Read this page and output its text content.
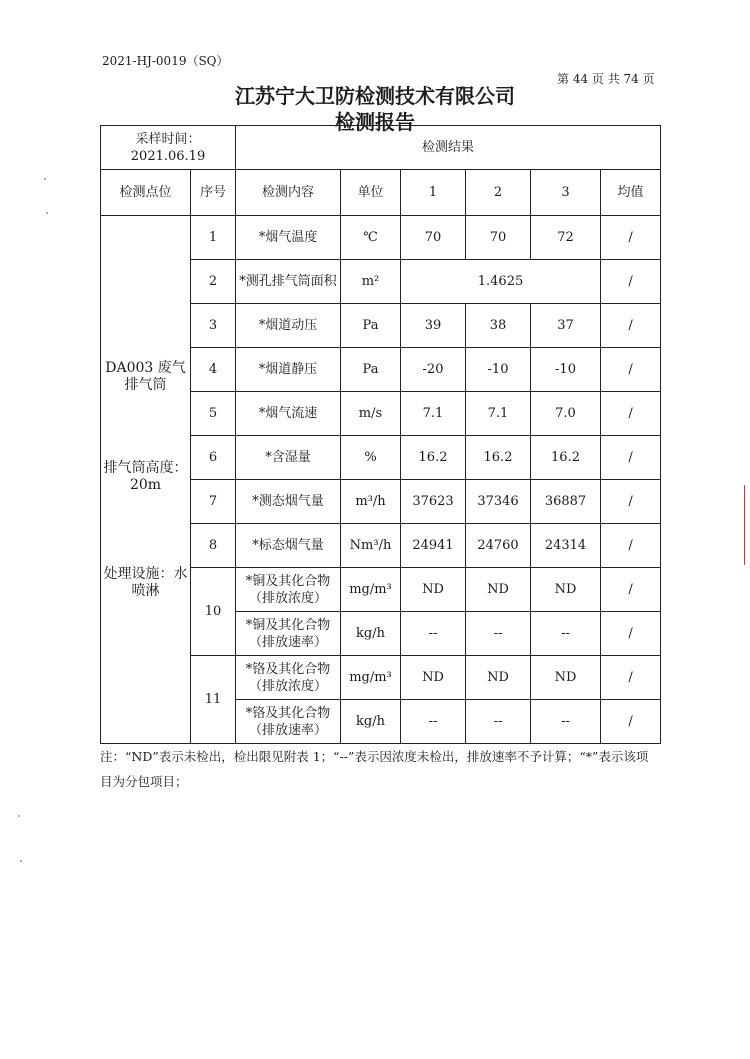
2021-HJ-0019（SQ）
第 44 页 共 74 页
江苏宁大卫防检测技术有限公司
检测报告
采样时间：
2021.06.19		检测结果					
检测点位	序号	检测内容	单位	1	2	3	均值

DA003 废气排气筒
排气筒高度：20m
处理设施：水喷淋	1	*烟气温度	℃	70	70	72	/
	2	*测孔排气筒面积	m²	1.4625			/
	3	*烟道动压	Pa	39	38	37	/
	4	*烟道静压	Pa	-20	-10	-10	/
	5	*烟气流速	m/s	7.1	7.1	7.0	/
	6	*含湿量	%	16.2	16.2	16.2	/
	7	*测态烟气量	m³/h	37623	37346	36887	/
	8	*标态烟气量	Nm³/h	24941	24760	24314	/
	10	*铜及其化合物（排放浓度）	mg/m³	ND	ND	ND	/
		*铜及其化合物（排放速率）	kg/h	--	--	--	/
	11	*铬及其化合物（排放浓度）	mg/m³	ND	ND	ND	/
		*铬及其化合物（排放速率）	kg/h	--	--	--	/
注：“ND”表示未检出，检出限见附表 1；“--”表示因浓度未检出，排放速率不予计算；“*”表示该项目为分包项目；
